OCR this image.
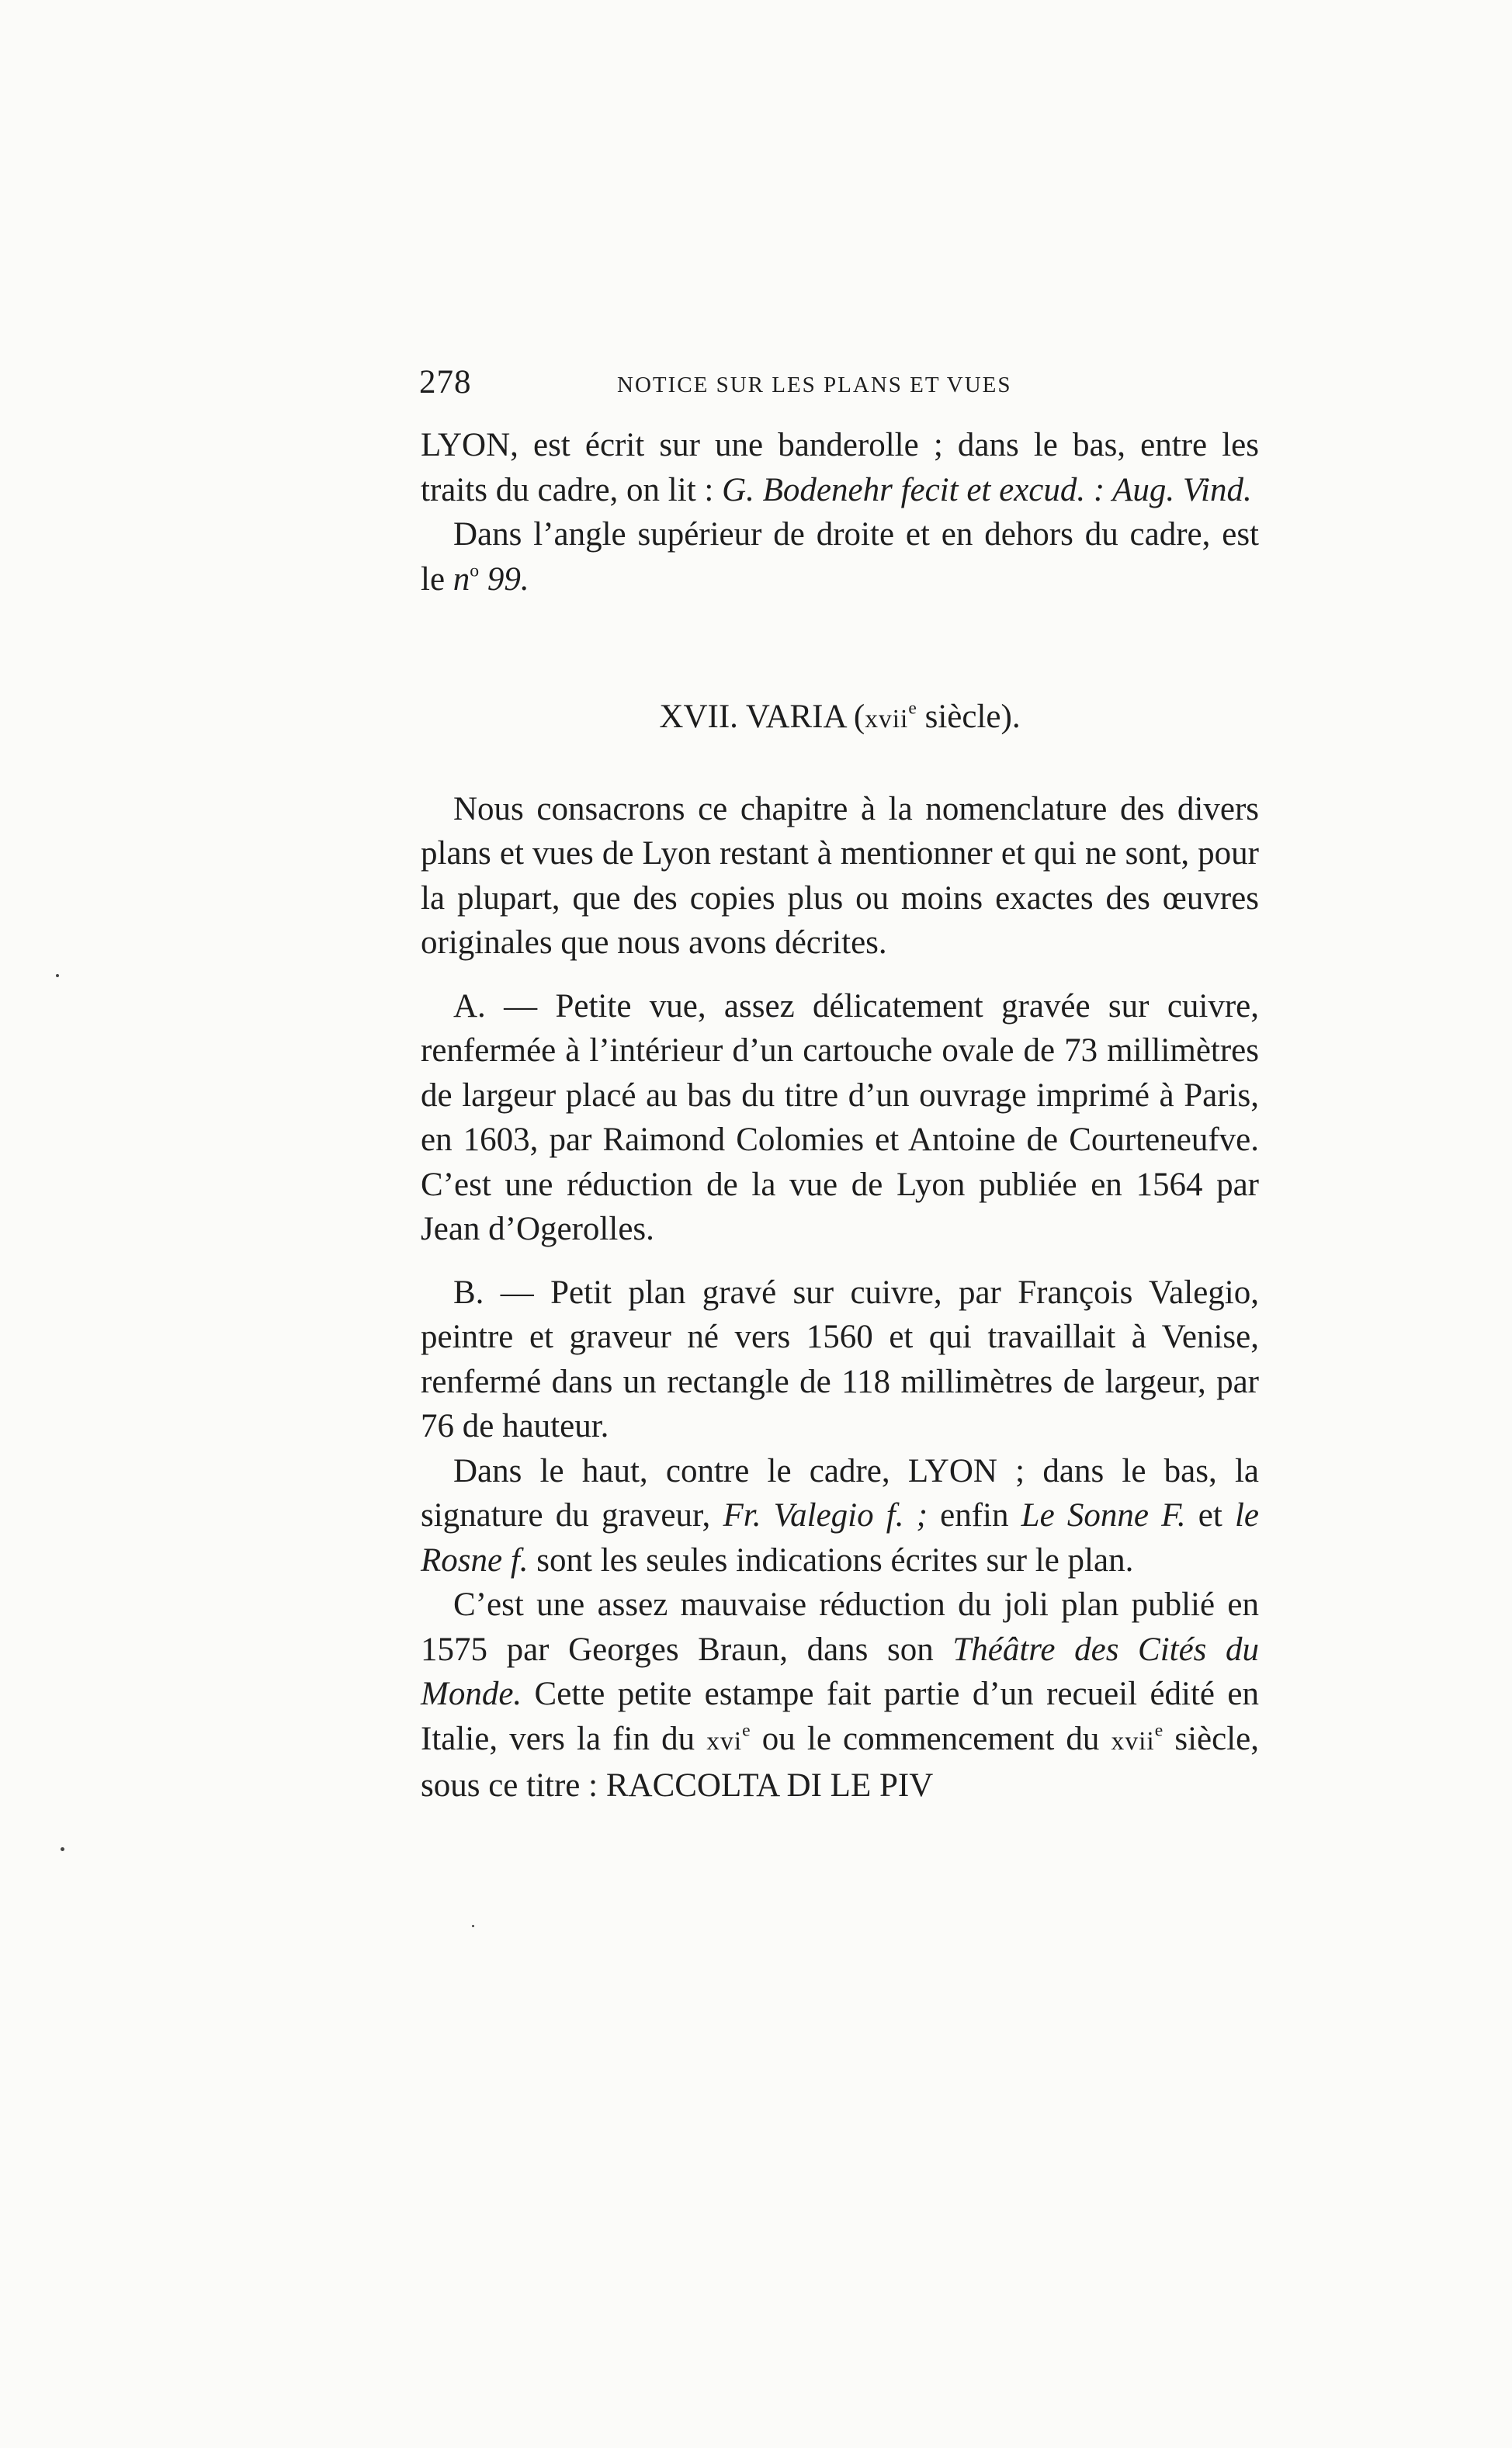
278	NOTICE SUR LES PLANS ET VUES

LYON, est écrit sur une banderolle ; dans le bas, entre les traits du cadre, on lit : G. Bodenehr fecit et excud. : Aug. Vind.

Dans l’angle supérieur de droite et en dehors du cadre, est le $n^o$ 99.

XVII. VARIA (xvii$^e$ siècle).

Nous consacrons ce chapitre à la nomenclature des divers plans et vues de Lyon restant à mentionner et qui ne sont, pour la plupart, que des copies plus ou moins exactes des œuvres originales que nous avons décrites.

A. — Petite vue, assez délicatement gravée sur cuivre, renfermée à l’intérieur d’un cartouche ovale de 73 millimètres de largeur placé au bas du titre d’un ouvrage imprimé à Paris, en 1603, par Raimond Colomies et Antoine de Courteneufve. C’est une réduction de la vue de Lyon publiée en 1564 par Jean d’Ogerolles.

B. — Petit plan gravé sur cuivre, par François Valegio, peintre et graveur né vers 1560 et qui travaillait à Venise, renfermé dans un rectangle de 118 millimètres de largeur, par 76 de hauteur.

Dans le haut, contre le cadre, LYON ; dans le bas, la signature du graveur, Fr. Valegio f. ; enfin Le Sonne F. et le Rosne f. sont les seules indications écrites sur le plan.

C’est une assez mauvaise réduction du joli plan publié en 1575 par Georges Braun, dans son Théâtre des Cités du Monde. Cette petite estampe fait partie d’un recueil édité en Italie, vers la fin du xvi$^e$ ou le commencement du xvii$^e$ siècle, sous ce titre : RACCOLTA DI LE PIV
